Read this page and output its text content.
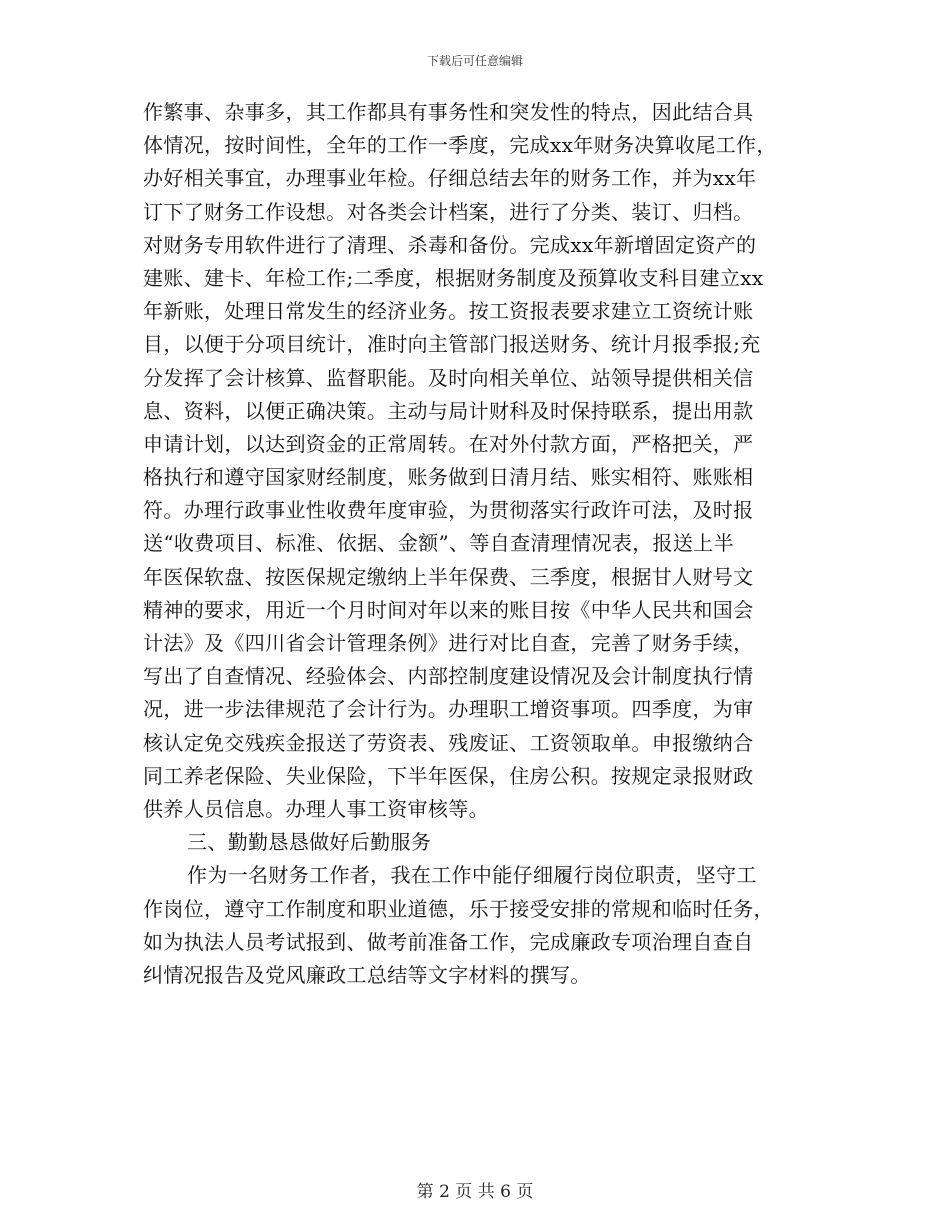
下载后可任意编辑
作繁事、杂事多，其工作都具有事务性和突发性的特点，因此结合具
体情况，按时间性，全年的工作一季度，完成xx年财务决算收尾工作，
办好相关事宜，办理事业年检。仔细总结去年的财务工作，并为xx年
订下了财务工作设想。对各类会计档案，进行了分类、装订、归档。
对财务专用软件进行了清理、杀毒和备份。完成xx年新增固定资产的
建账、建卡、年检工作;二季度，根据财务制度及预算收支科目建立xx
年新账，处理日常发生的经济业务。按工资报表要求建立工资统计账
目，以便于分项目统计，准时向主管部门报送财务、统计月报季报;充
分发挥了会计核算、监督职能。及时向相关单位、站领导提供相关信
息、资料，以便正确决策。主动与局计财科及时保持联系，提出用款
申请计划，以达到资金的正常周转。在对外付款方面，严格把关，严
格执行和遵守国家财经制度，账务做到日清月结、账实相符、账账相
符。办理行政事业性收费年度审验，为贯彻落实行政许可法，及时报
送“收费项目、标准、依据、金额”、等自查清理情况表，报送上半
年医保软盘、按医保规定缴纳上半年保费、三季度，根据甘人财号文
精神的要求，用近一个月时间对年以来的账目按《中华人民共和国会
计法》及《四川省会计管理条例》进行对比自查，完善了财务手续，
写出了自查情况、经验体会、内部控制度建设情况及会计制度执行情
况，进一步法律规范了会计行为。办理职工增资事项。四季度，为审
核认定免交残疾金报送了劳资表、残废证、工资领取单。申报缴纳合
同工养老保险、失业保险，下半年医保，住房公积。按规定录报财政
供养人员信息。办理人事工资审核等。
三、勤勤恳恳做好后勤服务
作为一名财务工作者，我在工作中能仔细履行岗位职责，坚守工
作岗位，遵守工作制度和职业道德，乐于接受安排的常规和临时任务，
如为执法人员考试报到、做考前准备工作，完成廉政专项治理自查自
纠情况报告及党风廉政工总结等文字材料的撰写。
第 2 页 共 6 页
